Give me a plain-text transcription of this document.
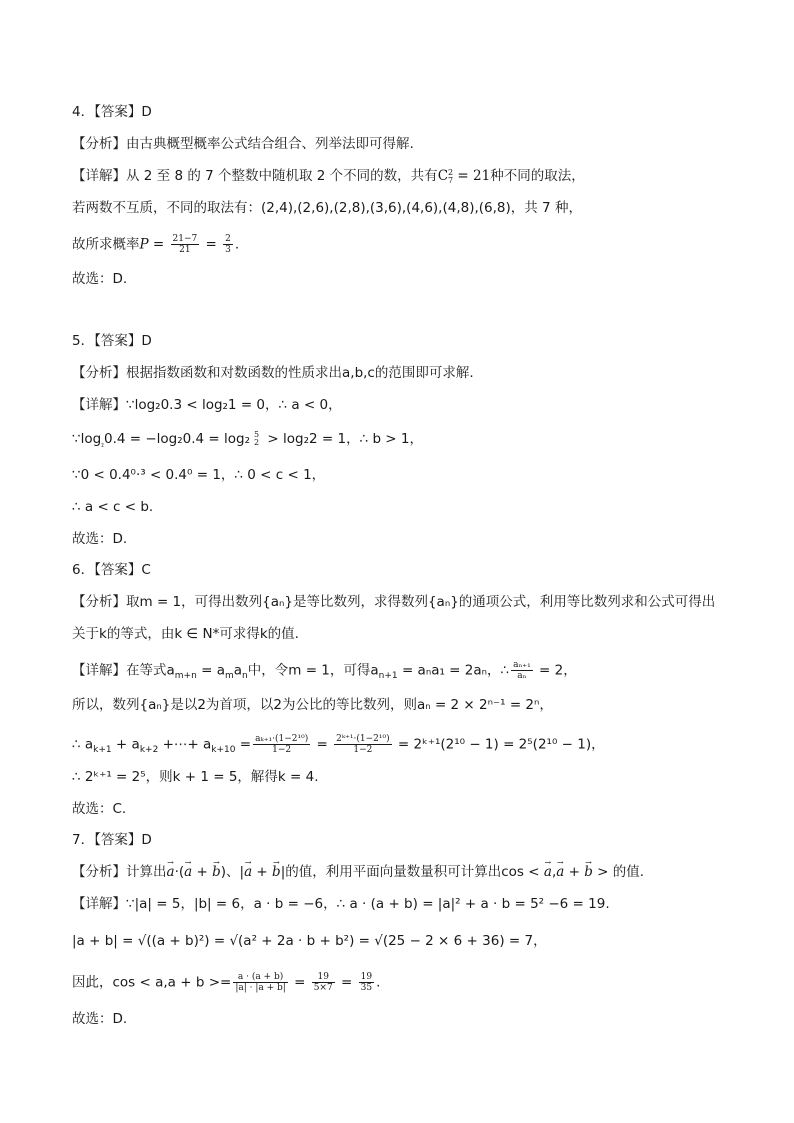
4．【答案】D
【分析】由古典概型概率公式结合组合、列举法即可得解.
【详解】从 2 至 8 的 7 个整数中随机取 2 个不同的数，共有C 2
7 = 21种不同的取法，
若两数不互质，不同的取法有：(2,4),(2,6),(2,8),(3,6),(4,6),(4,8),(6,8)，共 7 种，
故所求概率$P = \frac{21-7}{21} = \frac{2}{3}$ .
故选：D.
5．【答案】D
【分析】根据指数函数和对数函数的性质求出a,b,c的范围即可求解.
【详解】∵log₂0.3 < log₂1 = 0，∴ a < 0，
$\because\log_{_2}0.4 = -\log_20.4 = \log_2$ 5
2 > log₂2 = 1，∴ b > 1，
∵0 < 0.4⁰·³ < 0.4⁰ = 1，∴ 0 < c < 1，
∴ a < c < b.
故选：D.
6．【答案】C
【分析】取m = 1，可得出数列{aₙ}是等比数列，求得数列{aₙ}的通项公式，利用等比数列求和公式可得出
关于k的等式，由k ∈ N*可求得k的值.
【详解】在等式$a_{m+n} = a_ma_n$中，令m = 1，可得$a_{n+1} = a_na_1 = 2a_n$，∴ $\frac{\text{aₙ₊₁}}{\text{aₙ}} = 2$，
所以，数列{aₙ}是以2为首项，以2为公比的等比数列，则aₙ = 2 × 2ⁿ⁻¹ = 2ⁿ，
∴ $a_{k+1} + a_{k+2}$ +⋯+ $a_{k+10} = \frac{\text{aₖ₊₁·(1−2¹⁰)}}{1-2} = \frac{\text{2ᵏ⁺¹·(1−2¹⁰)}}{1-2}$ = 2ᵏ⁺¹(2¹⁰ − 1) = 2⁵(2¹⁰ − 1)，
∴ 2ᵏ⁺¹ = 2⁵，则k + 1 = 5，解得k = 4.
故选：C.
7．【答案】D
【分析】计算出→ a·(→ a + → b)、|→ a + → b|的值，利用平面向量数量积可计算出cos < → a,→ a + → b > 的值.
【详解】∵|a| = 5，|b| = 6，a · b = −6，∴ a · (a + b) = |a|² + a · b = 5² −6 = 19.
|a + b| = √((a + b)²) = √(a² + 2a · b + b²) = √(25 − 2 × 6 + 36) = 7，
因此，$\cos < a,a + b >= \frac{a \cdot (a + b)}{|a| \cdot |a + b|} = \frac{19}{5\times 7} = \frac{19}{35}$ .
故选：D.
